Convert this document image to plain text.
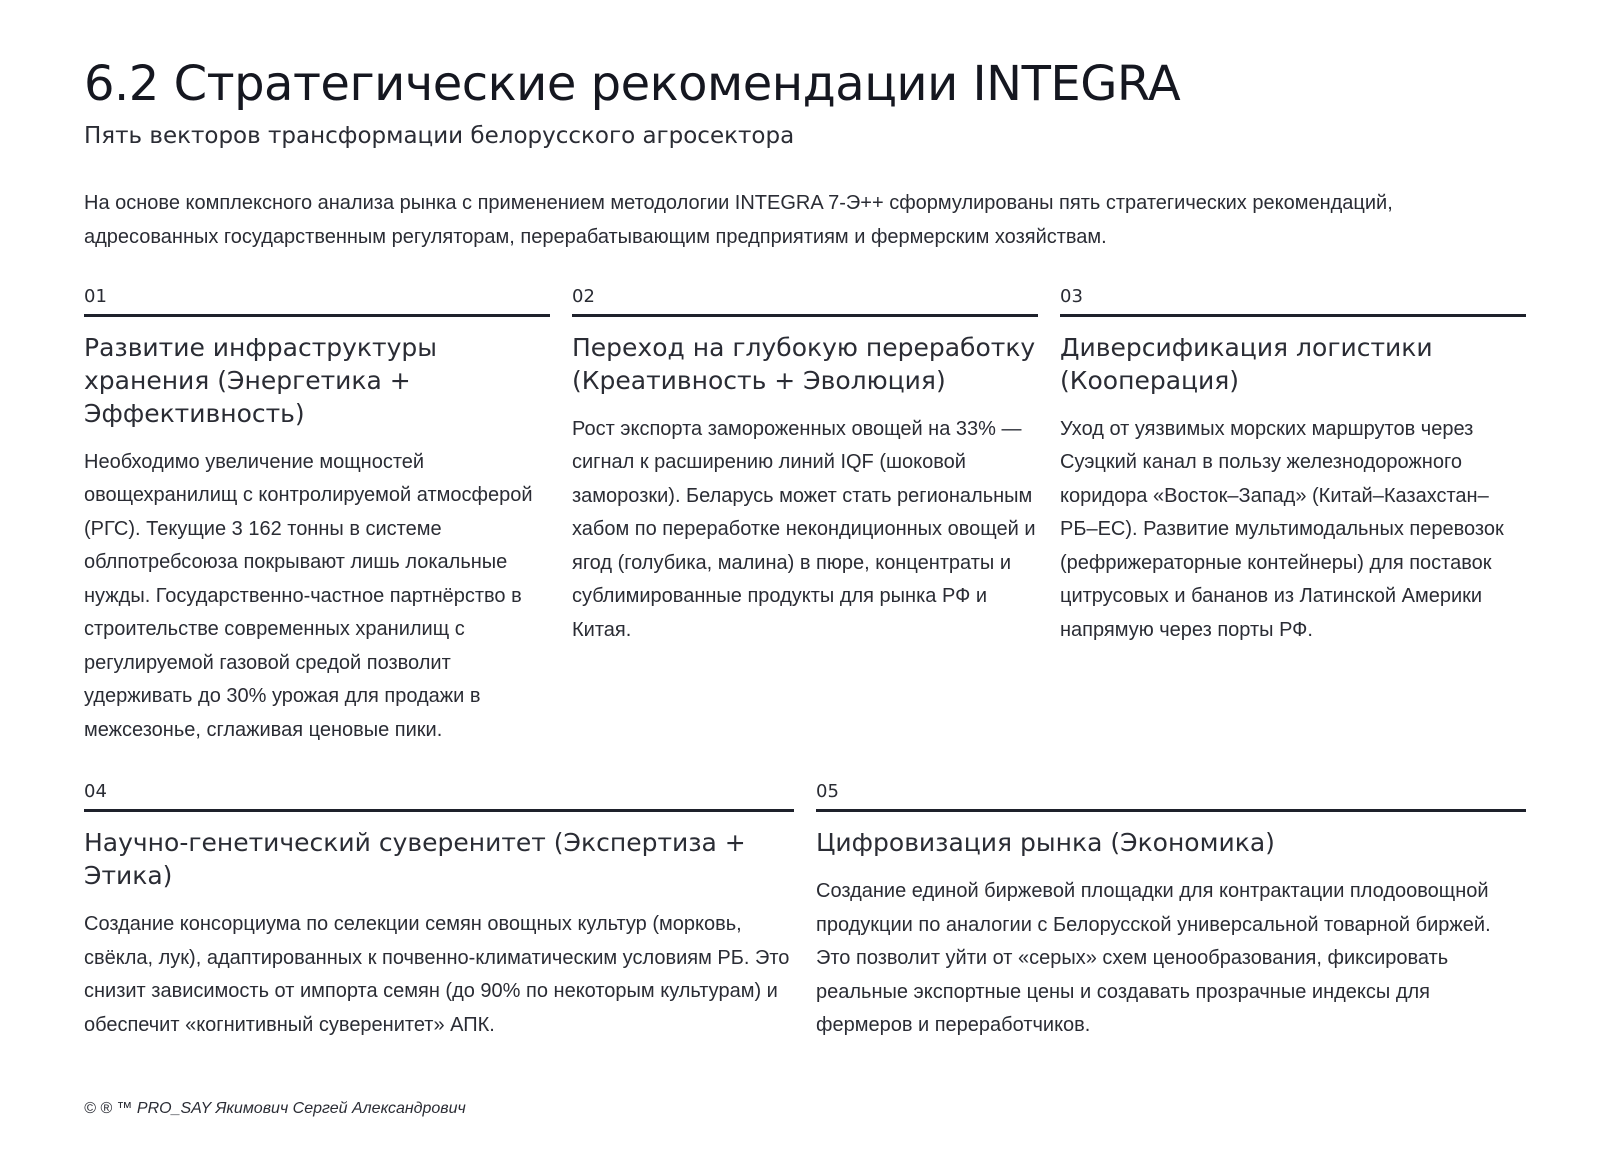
6.2 Стратегические рекомендации INTEGRA
Пять векторов трансформации белорусского агросектора

На основе комплексного анализа рынка с применением методологии INTEGRA 7-Э++ сформулированы пять стратегических рекомендаций, адресованных государственным регуляторам, перерабатывающим предприятиям и фермерским хозяйствам.

01
Развитие инфраструктуры хранения (Энергетика + Эффективность)

Необходимо увеличение мощностей овощехранилищ с контролируемой атмосферой (РГС). Текущие 3 162 тонны в системе облпотребсоюза покрывают лишь локальные нужды. Государственно-частное партнёрство в строительстве современных хранилищ с регулируемой газовой средой позволит удерживать до 30% урожая для продажи в межсезонье, сглаживая ценовые пики.

02
Переход на глубокую переработку (Креативность + Эволюция)

Рост экспорта замороженных овощей на 33% — сигнал к расширению линий IQF (шоковой заморозки). Беларусь может стать региональным хабом по переработке некондиционных овощей и ягод (голубика, малина) в пюре, концентраты и сублимированные продукты для рынка РФ и Китая.

03
Диверсификация логистики (Кооперация)

Уход от уязвимых морских маршрутов через Суэцкий канал в пользу железнодорожного коридора «Восток–Запад» (Китай–Казахстан–РБ–ЕС). Развитие мультимодальных перевозок (рефрижераторные контейнеры) для поставок цитрусовых и бананов из Латинской Америки напрямую через порты РФ.

04
Научно-генетический суверенитет (Экспертиза + Этика)

Создание консорциума по селекции семян овощных культур (морковь, свёкла, лук), адаптированных к почвенно-климатическим условиям РБ. Это снизит зависимость от импорта семян (до 90% по некоторым культурам) и обеспечит «когнитивный суверенитет» АПК.

05
Цифровизация рынка (Экономика)

Создание единой биржевой площадки для контрактации плодоовощной продукции по аналогии с Белорусской универсальной товарной биржей. Это позволит уйти от «серых» схем ценообразования, фиксировать реальные экспортные цены и создавать прозрачные индексы для фермеров и переработчиков.

© ® ™ PRO_SAY Якимович Сергей Александрович
